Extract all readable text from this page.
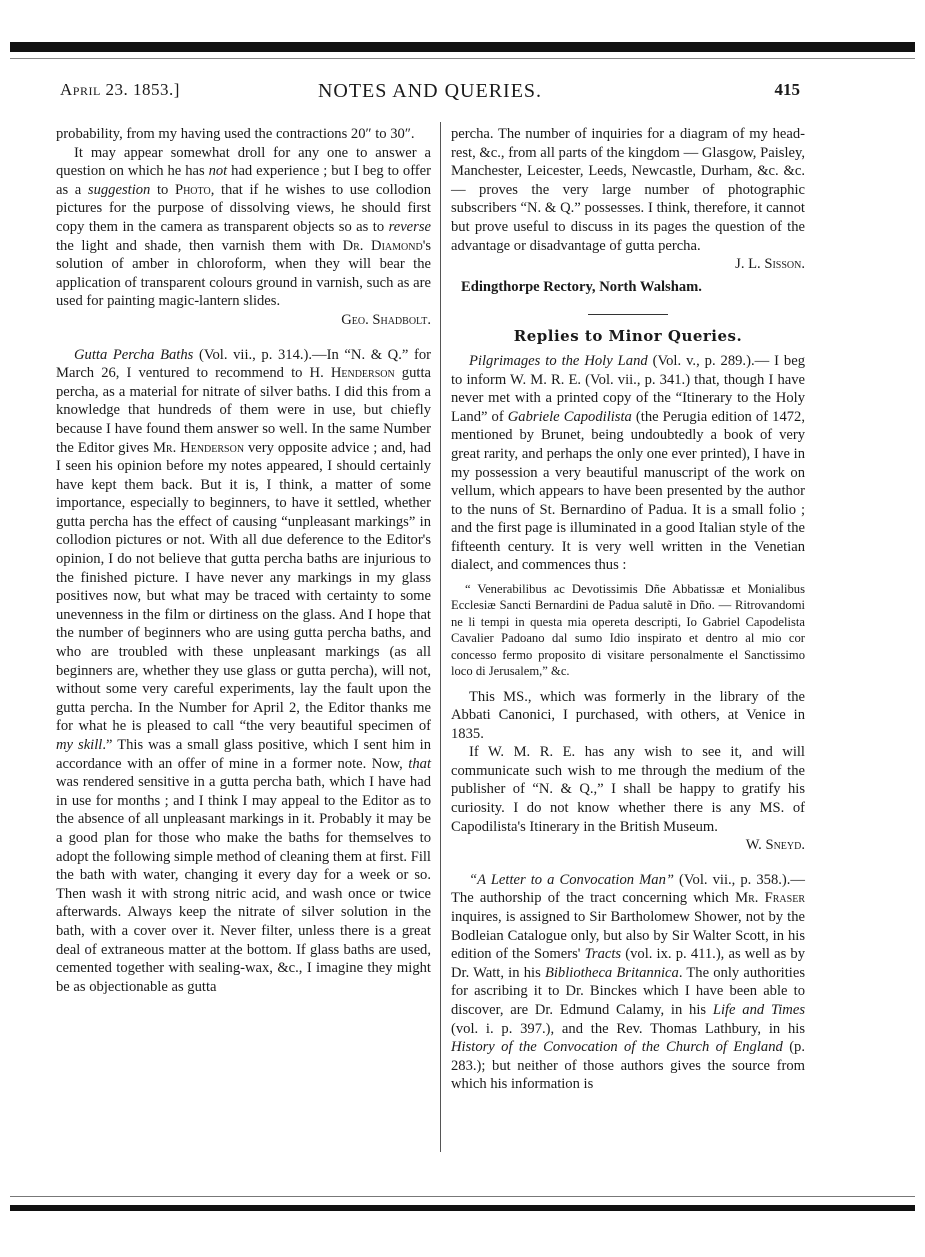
April 23. 1853.]	NOTES AND QUERIES.	415

probability, from my having used the contractions 20″ to 30″.

It may appear somewhat droll for any one to answer a question on which he has not had experience ; but I beg to offer as a suggestion to Photo, that if he wishes to use collodion pictures for the purpose of dissolving views, he should first copy them in the camera as transparent objects so as to reverse the light and shade, then varnish them with Dr. Diamond's solution of amber in chloroform, when they will bear the application of transparent colours ground in varnish, such as are used for painting magic-lantern slides.

Geo. Shadbolt.

Gutta Percha Baths (Vol. vii., p. 314.).—In “N. & Q.” for March 26, I ventured to recommend to H. Henderson gutta percha, as a material for nitrate of silver baths. I did this from a knowledge that hundreds of them were in use, but chiefly because I have found them answer so well. In the same Number the Editor gives Mr. Henderson very opposite advice ; and, had I seen his opinion before my notes appeared, I should certainly have kept them back. But it is, I think, a matter of some importance, especially to beginners, to have it settled, whether gutta percha has the effect of causing “unpleasant markings” in collodion pictures or not. With all due deference to the Editor's opinion, I do not believe that gutta percha baths are injurious to the finished picture. I have never any markings in my glass positives now, but what may be traced with certainty to some unevenness in the film or dirtiness on the glass. And I hope that the number of beginners who are using gutta percha baths, and who are troubled with these unpleasant markings (as all beginners are, whether they use glass or gutta percha), will not, without some very careful experiments, lay the fault upon the gutta percha. In the Number for April 2, the Editor thanks me for what he is pleased to call “the very beautiful specimen of my skill.” This was a small glass positive, which I sent him in accordance with an offer of mine in a former note. Now, that was rendered sensitive in a gutta percha bath, which I have had in use for months ; and I think I may appeal to the Editor as to the absence of all unpleasant markings in it. Probably it may be a good plan for those who make the baths for themselves to adopt the following simple method of cleaning them at first. Fill the bath with water, changing it every day for a week or so. Then wash it with strong nitric acid, and wash once or twice afterwards. Always keep the nitrate of silver solution in the bath, with a cover over it. Never filter, unless there is a great deal of extraneous matter at the bottom. If glass baths are used, cemented together with sealing-wax, &c., I imagine they might be as objectionable as gutta

percha. The number of inquiries for a diagram of my head-rest, &c., from all parts of the kingdom — Glasgow, Paisley, Manchester, Leicester, Leeds, Newcastle, Durham, &c. &c. — proves the very large number of photographic subscribers “N. & Q.” possesses. I think, therefore, it cannot but prove useful to discuss in its pages the question of the advantage or disadvantage of gutta percha.

J. L. Sisson.

Edingthorpe Rectory, North Walsham.

Replies to Minor Queries.

Pilgrimages to the Holy Land (Vol. v., p. 289.).— I beg to inform W. M. R. E. (Vol. vii., p. 341.) that, though I have never met with a printed copy of the “Itinerary to the Holy Land” of Gabriele Capodilista (the Perugia edition of 1472, mentioned by Brunet, being undoubtedly a book of very great rarity, and perhaps the only one ever printed), I have in my possession a very beautiful manuscript of the work on vellum, which appears to have been presented by the author to the nuns of St. Bernardino of Padua. It is a small folio ; and the first page is illuminated in a good Italian style of the fifteenth century. It is very well written in the Venetian dialect, and commences thus :

“ Venerabilibus ac Devotissimis Dñe Abbatissæ et Monialibus Ecclesiæ Sancti Bernardini de Padua salutẽ in Dño. — Ritrovandomi ne li tempi in questa mia opereta descripti, Io Gabriel Capodelista Cavalier Padoano dal sumo Idio inspirato et dentro al mio cor concesso fermo proposito di visitare personalmente el Sanctissimo loco di Jerusalem,” &c.

This MS., which was formerly in the library of the Abbati Canonici, I purchased, with others, at Venice in 1835.

If W. M. R. E. has any wish to see it, and will communicate such wish to me through the medium of the publisher of “N. & Q.,” I shall be happy to gratify his curiosity. I do not know whether there is any MS. of Capodilista's Itinerary in the British Museum.

W. Sneyd.

“A Letter to a Convocation Man” (Vol. vii., p. 358.).—The authorship of the tract concerning which Mr. Fraser inquires, is assigned to Sir Bartholomew Shower, not by the Bodleian Catalogue only, but also by Sir Walter Scott, in his edition of the Somers' Tracts (vol. ix. p. 411.), as well as by Dr. Watt, in his Bibliotheca Britannica. The only authorities for ascribing it to Dr. Binckes which I have been able to discover, are Dr. Edmund Calamy, in his Life and Times (vol. i. p. 397.), and the Rev. Thomas Lathbury, in his History of the Convocation of the Church of England (p. 283.); but neither of those authors gives the source from which his information is
